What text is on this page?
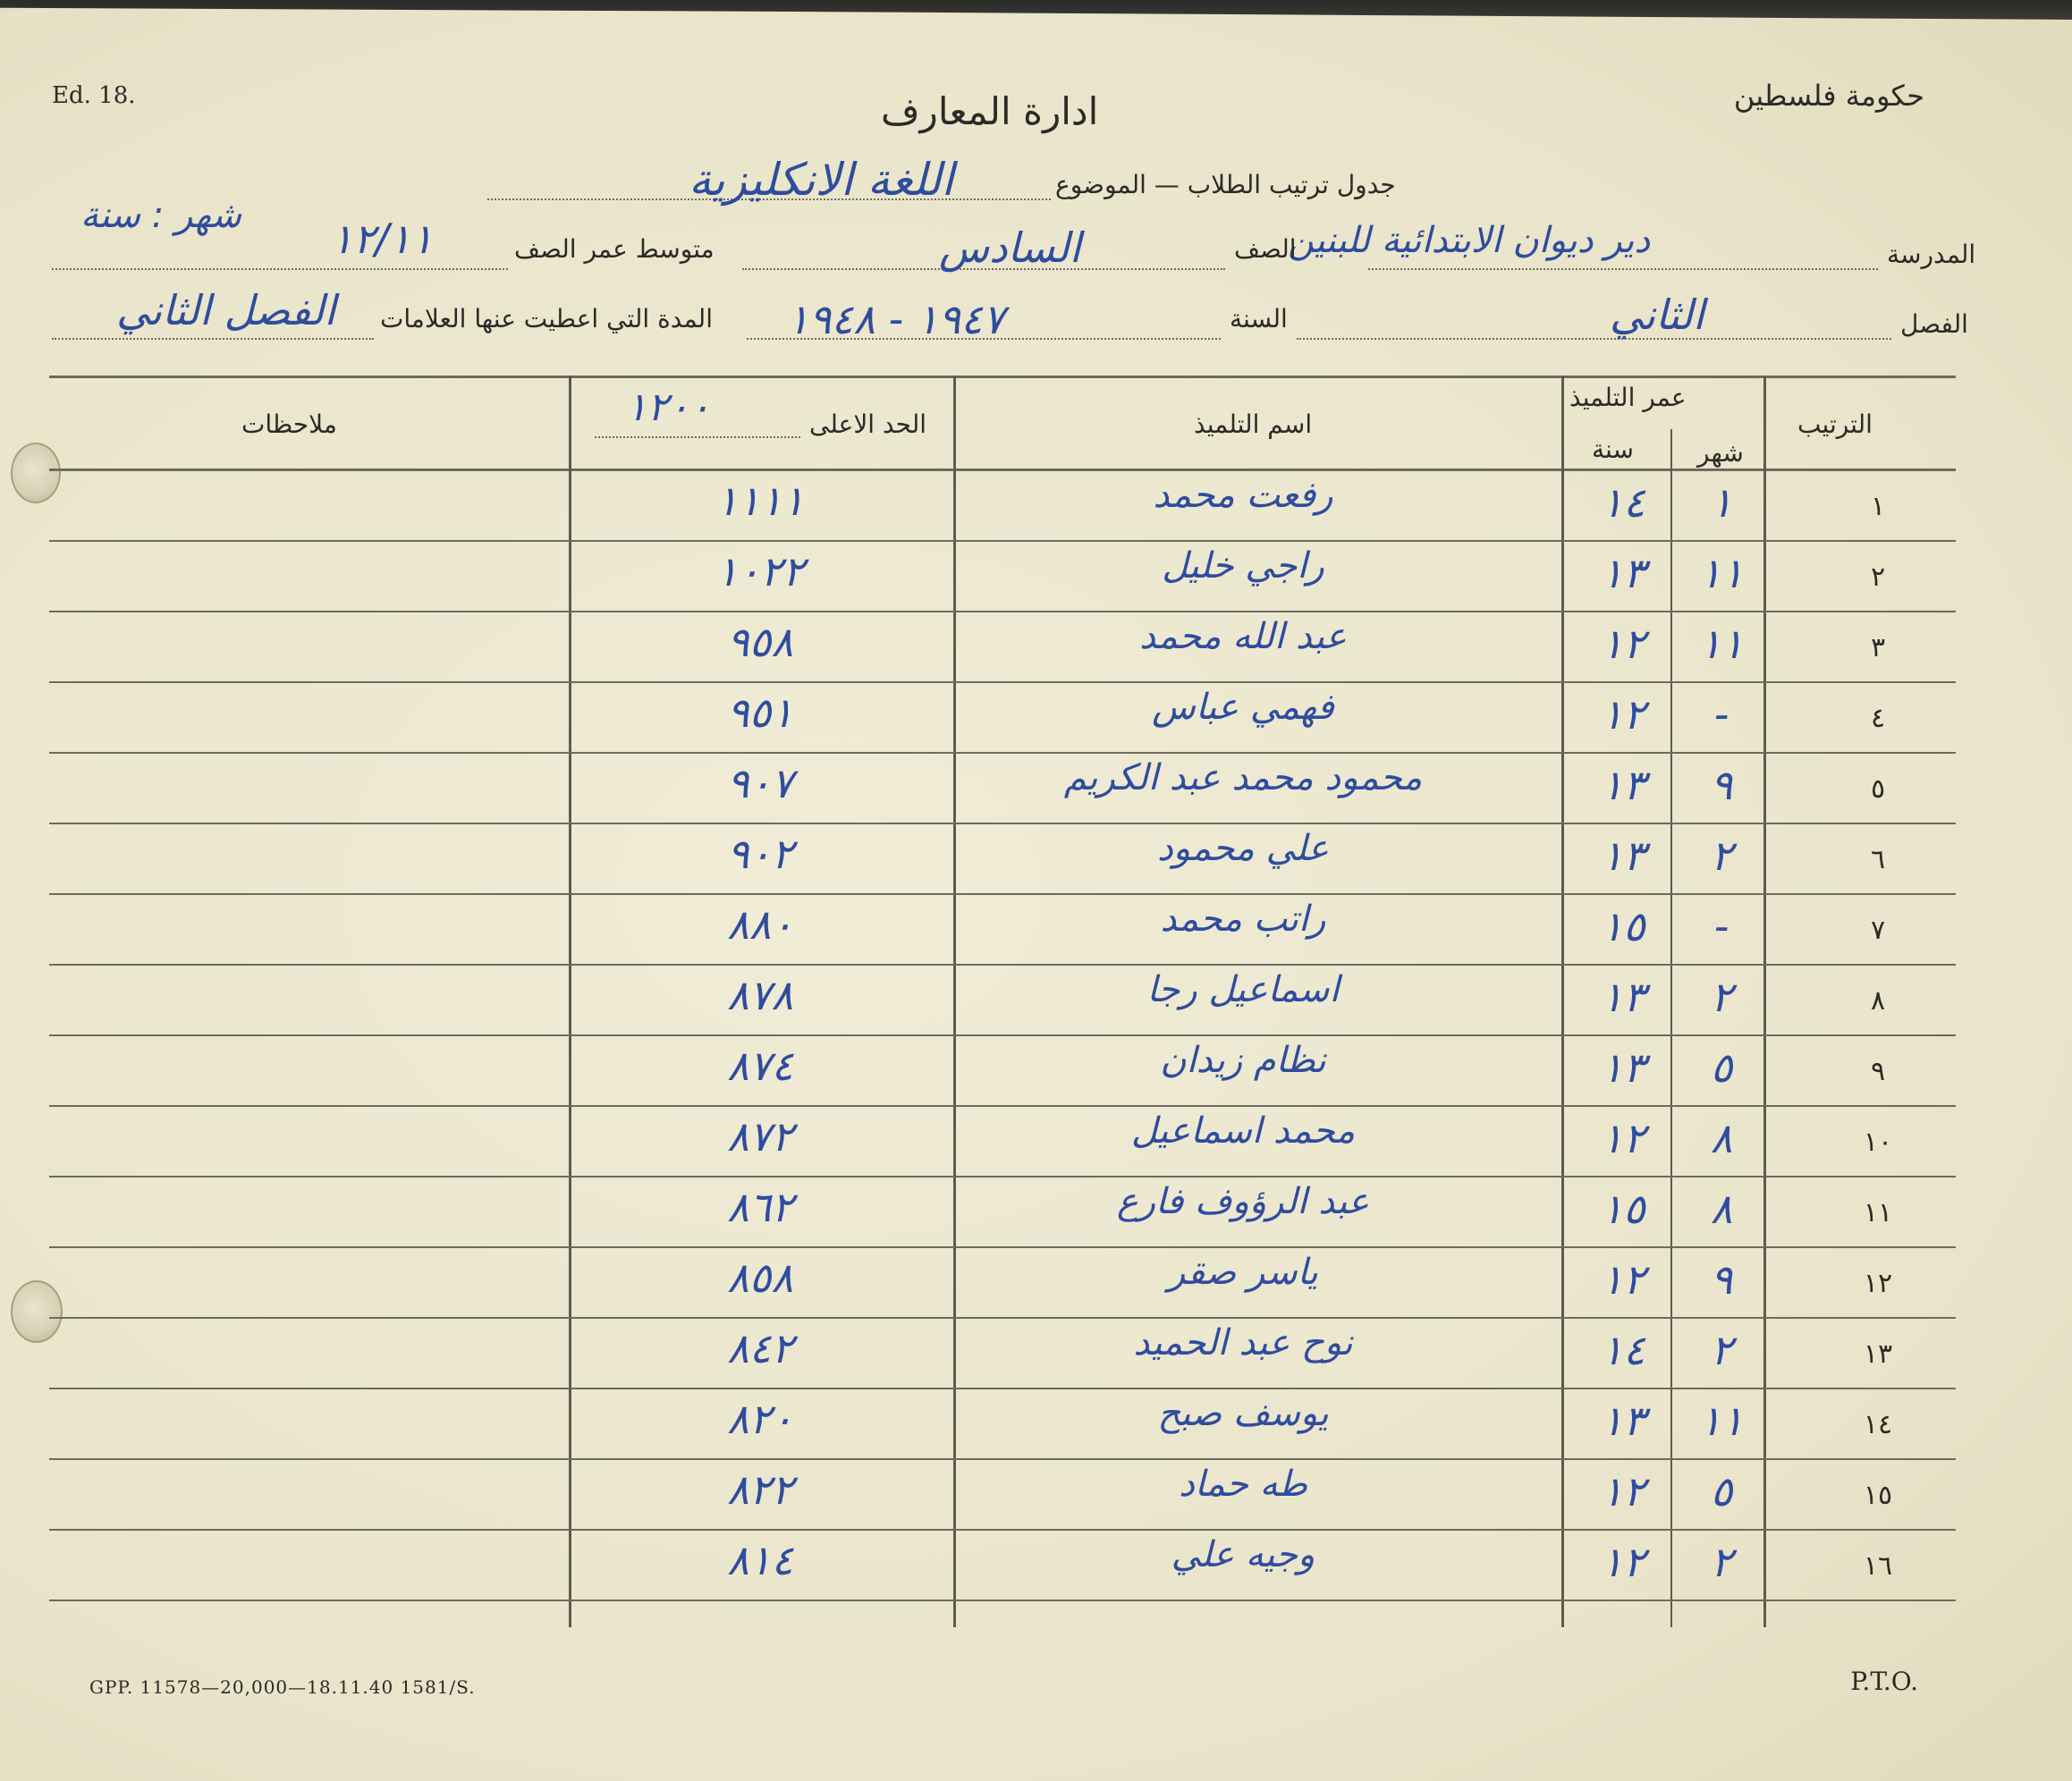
Ed. 18.	حكومة فلسطين
ادارة المعارف
جدول ترتيب الطلاب — الموضوع
اللغة الانكليزية
المدرسة
دير ديوان الابتدائية للبنين
الصف
السادس
متوسط عمر الصف
١٢/١١
شهر : سنة
الفصل
الثاني
السنة
١٩٤٧ - ١٩٤٨
المدة التي اعطيت عنها العلامات
الفصل الثاني
الترتيب
عمر التلميذ
شهر
سنة
اسم التلميذ
الحد الاعلى
١٢٠٠
ملاحظات
١
١
١٤
رفعت محمد
١١١١
٢
١١
١٣
راجي خليل
١٠٢٢
٣
١١
١٢
عبد الله محمد
٩٥٨
٤
-
١٢
فهمي عباس
٩٥١
٥
٩
١٣
محمود محمد عبد الكريم
٩٠٧
٦
٢
١٣
علي محمود
٩٠٢
٧
-
١٥
راتب محمد
٨٨٠
٨
٢
١٣
اسماعيل رجا
٨٧٨
٩
٥
١٣
نظام زيدان
٨٧٤
١٠
٨
١٢
محمد اسماعيل
٨٧٢
١١
٨
١٥
عبد الرؤوف فارع
٨٦٢
١٢
٩
١٢
ياسر صقر
٨٥٨
١٣
٢
١٤
نوح عبد الحميد
٨٤٢
١٤
١١
١٣
يوسف صبح
٨٢٠
١٥
٥
١٢
طه حماد
٨٢٢
١٦
٢
١٢
وجيه علي
٨١٤
GPP. 11578—20,000—18.11.40 1581/S.	P.T.O.
